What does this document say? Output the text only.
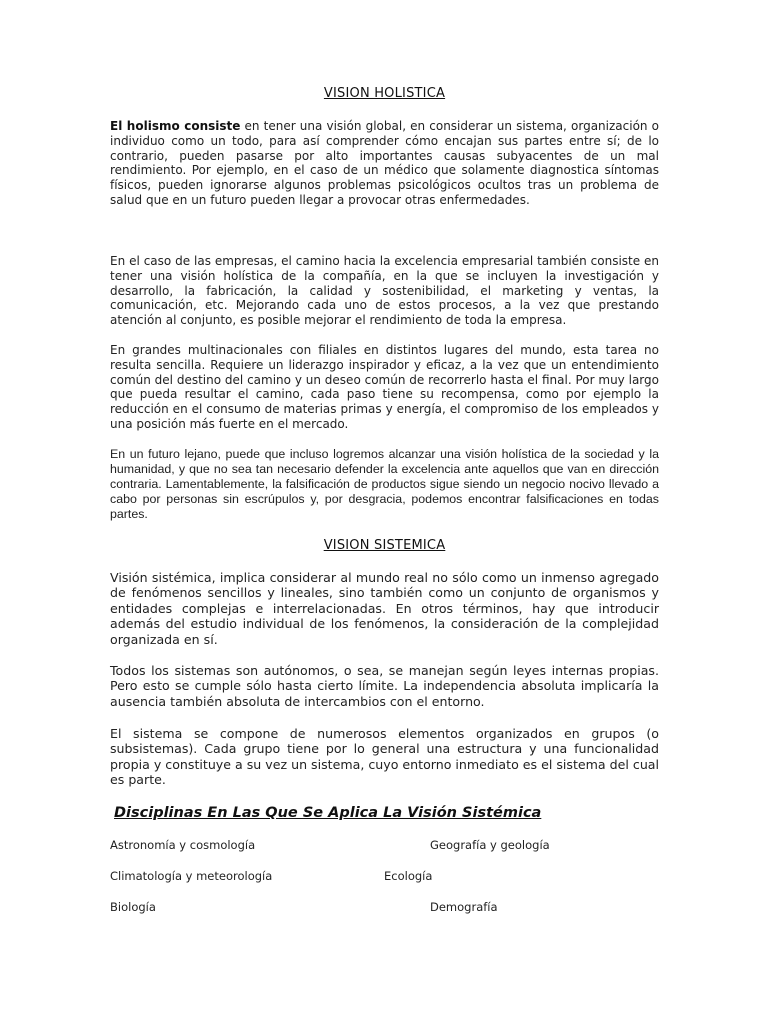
VISION HOLISTICA

El holismo consiste en tener una visión global, en considerar un sistema, organización o individuo como un todo, para así comprender cómo encajan sus partes entre sí; de lo contrario, pueden pasarse por alto importantes causas subyacentes de un mal rendimiento. Por ejemplo, en el caso de un médico que solamente diagnostica síntomas físicos, pueden ignorarse algunos problemas psicológicos ocultos tras un problema de salud que en un futuro pueden llegar a provocar otras enfermedades.

En el caso de las empresas, el camino hacia la excelencia empresarial también consiste en tener una visión holística de la compañía, en la que se incluyen la investigación y desarrollo, la fabricación, la calidad y sostenibilidad, el marketing y ventas, la comunicación, etc. Mejorando cada uno de estos procesos, a la vez que prestando atención al conjunto, es posible mejorar el rendimiento de toda la empresa.

En grandes multinacionales con filiales en distintos lugares del mundo, esta tarea no resulta sencilla. Requiere un liderazgo inspirador y eficaz, a la vez que un entendimiento común del destino del camino y un deseo común de recorrerlo hasta el final. Por muy largo que pueda resultar el camino, cada paso tiene su recompensa, como por ejemplo la reducción en el consumo de materias primas y energía, el compromiso de los empleados y una posición más fuerte en el mercado.

En un futuro lejano, puede que incluso logremos alcanzar una visión holística de la sociedad y la humanidad, y que no sea tan necesario defender la excelencia ante aquellos que van en dirección contraria. Lamentablemente, la falsificación de productos sigue siendo un negocio nocivo llevado a cabo por personas sin escrúpulos y, por desgracia, podemos encontrar falsificaciones en todas partes.

VISION SISTEMICA

Visión sistémica, implica considerar al mundo real no sólo como un inmenso agregado de fenómenos sencillos y lineales, sino también como un conjunto de organismos y entidades complejas e interrelacionadas. En otros términos, hay que introducir además del estudio individual de los fenómenos, la consideración de la complejidad organizada en sí.

Todos los sistemas son autónomos, o sea, se manejan según leyes internas propias. Pero esto se cumple sólo hasta cierto límite. La independencia absoluta implicaría la ausencia también absoluta de intercambios con el entorno.

El sistema se compone de numerosos elementos organizados en grupos (o subsistemas). Cada grupo tiene por lo general una estructura y una funcionalidad propia y constituye a su vez un sistema, cuyo entorno inmediato es el sistema del cual es parte.

Disciplinas En Las Que Se Aplica La Visión Sistémica
Astronomía y cosmología	Geografía y geología
Climatología y meteorología	Ecología
Biología	Demografía
